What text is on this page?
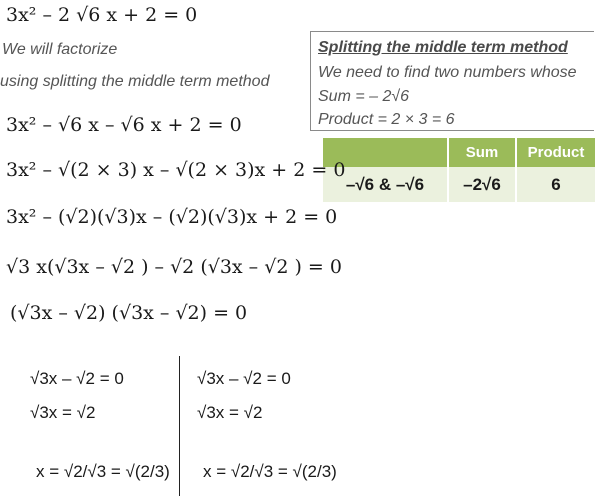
3x² – 2 √6 x + 2 = 0
We will factorize
using splitting the middle term method
Splitting the middle term method
We need to find two numbers whose
Sum = – 2√6
Product = 2 × 3 = 6
	Sum	Product
–√6 & –√6	–2√6	6
3x² – √6 x – √6 x + 2 = 0
3x² – √(2 × 3) x – √(2 × 3)x + 2 = 0
3x² – (√2)(√3)x – (√2)(√3)x + 2 = 0
√3 x(√3x – √2 ) – √2 (√3x – √2 ) = 0
(√3x – √2) (√3x – √2) = 0
√3x – √2 = 0
√3x = √2
x = √2/√3 = √(2/3)
√3x – √2 = 0
√3x = √2
x = √2/√3 = √(2/3)
